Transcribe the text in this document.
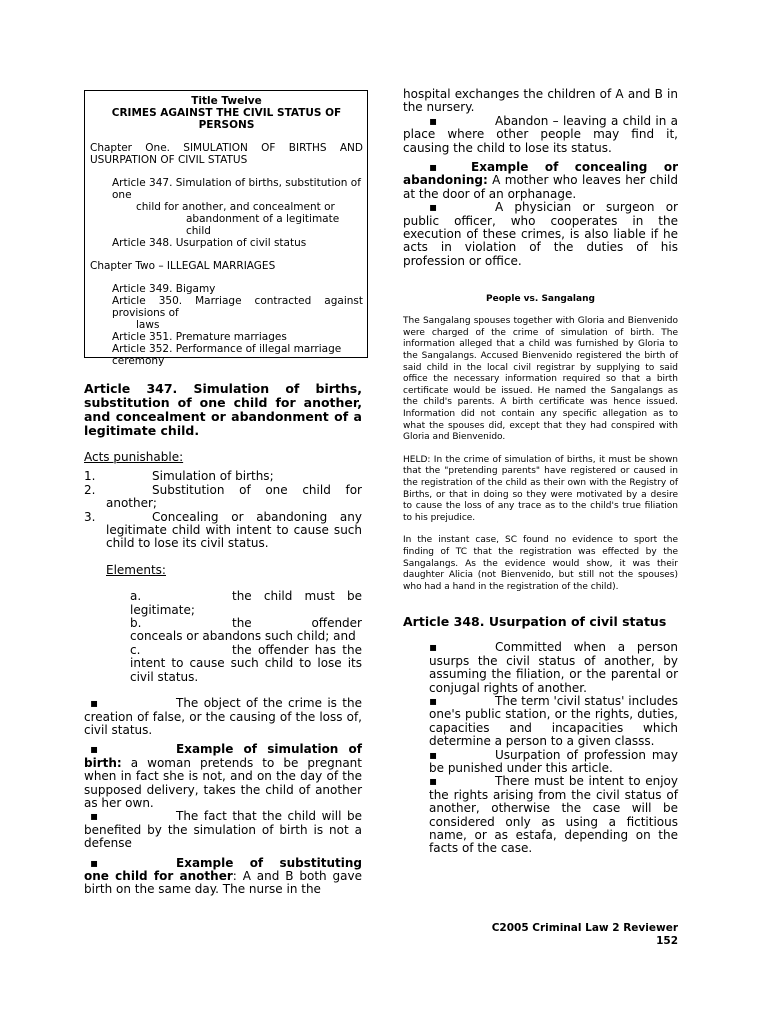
Title Twelve

CRIMES AGAINST THE CIVIL STATUS OF PERSONS

Chapter One. SIMULATION OF BIRTHS AND USURPATION OF CIVIL STATUS

Article 347. Simulation of births, substitution of one

child for another, and concealment or

abandonment of a legitimate child

Article 348. Usurpation of civil status

Chapter Two – ILLEGAL MARRIAGES

Article 349. Bigamy

Article 350. Marriage contracted against provisions of

laws

Article 351. Premature marriages

Article 352. Performance of illegal marriage ceremony

Article 347. Simulation of births, substitution of one child for another, and concealment or abandonment of a legitimate child.

Acts punishable:

1.	Simulation of births;
2.	Substitution of one child for another;
3.	Concealing or abandoning any legitimate child with intent to cause such child to lose its civil status.

Elements:

a.	the child must be legitimate;
b.	the offender conceals or abandons such child; and
c.	the offender has the intent to cause such child to lose its civil status.

▪	The object of the crime is the creation of false, or the causing of the loss of, civil status.

▪	Example of simulation of birth: a woman pretends to be pregnant when in fact she is not, and on the day of the supposed delivery, takes the child of another as her own.

▪	The fact that the child will be benefited by the simulation of birth is not a defense

▪	Example of substituting one child for another: A and B both gave birth on the same day. The nurse in the

hospital exchanges the children of A and B in the nursery.

▪	Abandon – leaving a child in a place where other people may find it, causing the child to lose its status.

▪	Example of concealing or abandoning: A mother who leaves her child at the door of an orphanage.

▪	A physician or surgeon or public officer, who cooperates in the execution of these crimes, is also liable if he acts in violation of the duties of his profession or office.

People vs. Sangalang

The Sangalang spouses together with Gloria and Bienvenido were charged of the crime of simulation of birth. The information alleged that a child was furnished by Gloria to the Sangalangs. Accused Bienvenido registered the birth of said child in the local civil registrar by supplying to said office the necessary information required so that a birth certificate would be issued. He named the Sangalangs as the child's parents. A birth certificate was hence issued. Information did not contain any specific allegation as to what the spouses did, except that they had conspired with Gloria and Bienvenido.

HELD: In the crime of simulation of births, it must be shown that the "pretending parents" have registered or caused in the registration of the child as their own with the Registry of Births, or that in doing so they were motivated by a desire to cause the loss of any trace as to the child's true filiation to his prejudice.

In the instant case, SC found no evidence to sport the finding of TC that the registration was effected by the Sangalangs. As the evidence would show, it was their daughter Alicia (not Bienvenido, but still not the spouses) who had a hand in the registration of the child).

Article 348. Usurpation of civil status

▪	Committed when a person usurps the civil status of another, by assuming the filiation, or the parental or conjugal rights of another.

▪	The term 'civil status' includes one's public station, or the rights, duties, capacities and incapacities which determine a person to a given classs.

▪	Usurpation of profession may be punished under this article.

▪	There must be intent to enjoy the rights arising from the civil status of another, otherwise the case will be considered only as using a fictitious name, or as estafa, depending on the facts of the case.

C2005 Criminal Law 2 Reviewer
152
